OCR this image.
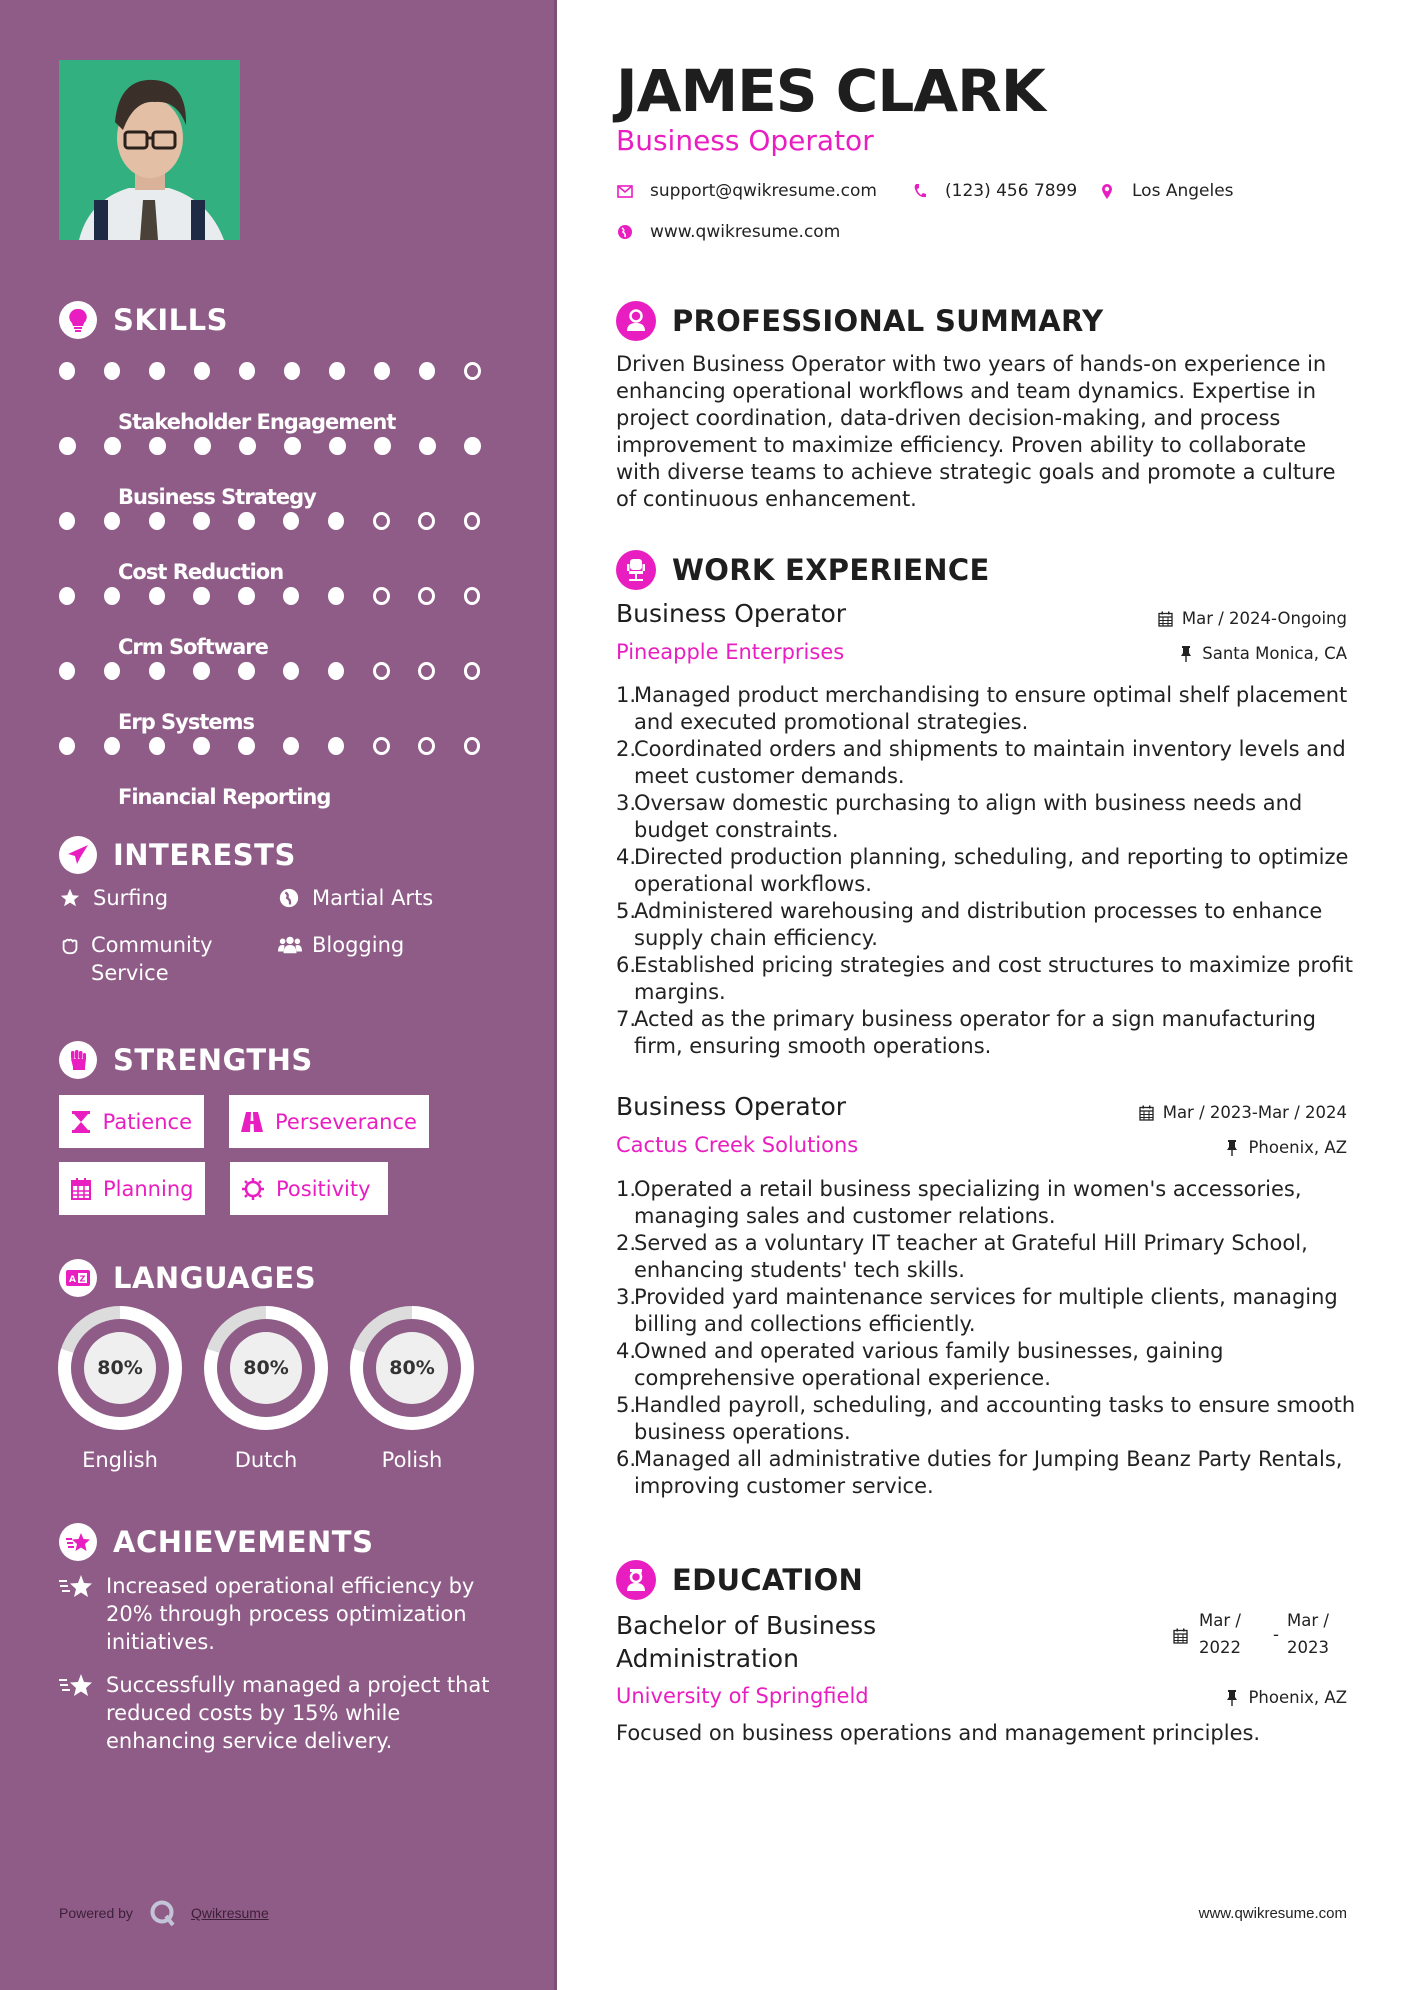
SKILLS
Stakeholder Engagement
Business Strategy
Cost Reduction
Crm Software
Erp Systems
Financial Reporting
INTERESTS
Surfing	Martial Arts
Community Service
Blogging
STRENGTHS
Patience	Perseverance
Planning	Positivity
A Z LANGUAGES
80%
English
80%
Dutch
80%
Polish
ACHIEVEMENTS
Increased operational efficiency by 20% through process optimization initiatives.
Successfully managed a project that reduced costs by 15% while enhancing service delivery.
Powered by	Qwikresume
JAMES CLARK
Business Operator
support@qwikresume.com	(123) 456 7899	Los Angeles
www.qwikresume.com
PROFESSIONAL SUMMARY

Driven Business Operator with two years of hands-on experience in enhancing operational workflows and team dynamics. Expertise in project coordination, data-driven decision-making, and process improvement to maximize efficiency. Proven ability to collaborate with diverse teams to achieve strategic goals and promote a culture of continuous enhancement.

WORK EXPERIENCE
Business Operator	Mar / 2024-Ongoing
Pineapple Enterprises	Santa Monica, CA
1.
Managed product merchandising to ensure optimal shelf placement and executed promotional strategies.
2.
Coordinated orders and shipments to maintain inventory levels and meet customer demands.
3.
Oversaw domestic purchasing to align with business needs and budget constraints.
4.
Directed production planning, scheduling, and reporting to optimize operational workflows.
5.
Administered warehousing and distribution processes to enhance supply chain efficiency.
6.
Established pricing strategies and cost structures to maximize profit margins.
7.
Acted as the primary business operator for a sign manufacturing firm, ensuring smooth operations.
Business Operator	Mar / 2023-Mar / 2024
Cactus Creek Solutions	Phoenix, AZ
1.
Operated a retail business specializing in women's accessories, managing sales and customer relations.
2.
Served as a voluntary IT teacher at Grateful Hill Primary School, enhancing students' tech skills.
3.
Provided yard maintenance services for multiple clients, managing billing and collections efficiently.
4.
Owned and operated various family businesses, gaining comprehensive operational experience.
5.
Handled payroll, scheduling, and accounting tasks to ensure smooth business operations.
6.
Managed all administrative duties for Jumping Beanz Party Rentals, improving customer service.
EDUCATION
Bachelor of Business Administration
Mar / 2022
-
Mar / 2023
University of Springfield	Phoenix, AZ

Focused on business operations and management principles.

www.qwikresume.com
